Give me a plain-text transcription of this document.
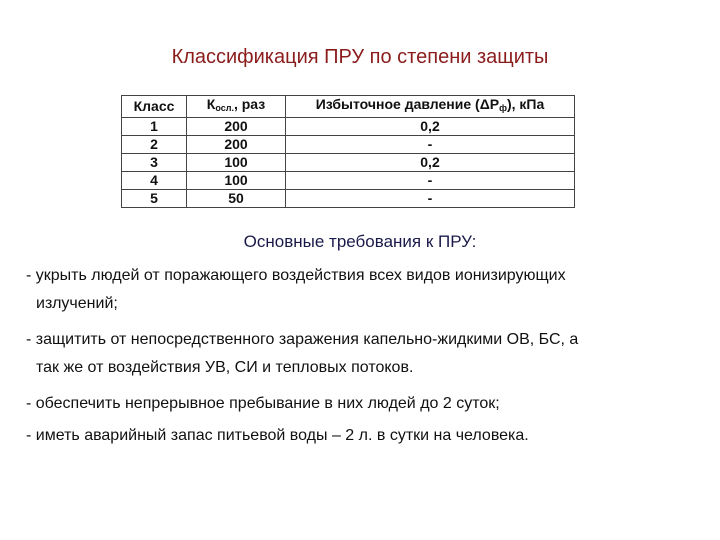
Классификация ПРУ по степени защиты
Класс	$К_{осл.}$, раз	Избыточное давление $(\Delta Р_ф)$, кПа
1	200	0,2
2	200	-
3	100	0,2
4	100	-
5	50	-
Основные требования к ПРУ:
- укрыть людей от поражающего воздействия всех видов ионизирующих
излучений;
- защитить от непосредственного заражения капельно-жидкими ОВ, БС, а
так же от воздействия УВ, СИ и тепловых потоков.
- обеспечить непрерывное пребывание в них людей до 2 суток;
- иметь аварийный запас питьевой воды – 2 л. в сутки на человека.
